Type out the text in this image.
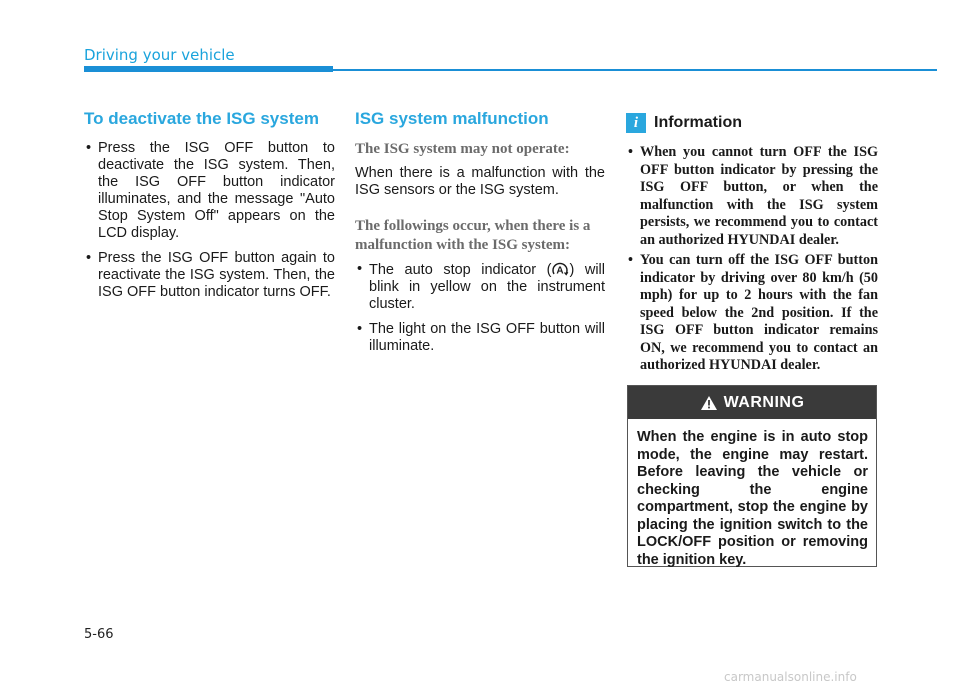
Driving your vehicle
To deactivate the ISG system
• Press the ISG OFF button to deactivate the ISG system. Then, the ISG OFF button indicator illuminates, and the message "Auto Stop System Off" appears on the LCD display.
• Press the ISG OFF button again to reactivate the ISG system. Then, the ISG OFF button indicator turns OFF.
ISG system malfunction
The ISG system may not operate:

When there is a malfunction with the ISG sensors or the ISG system.

The followings occur, when there is a malfunction with the ISG system:
• The auto stop indicator ( A ) will blink in yellow on the instrument cluster.
• The light on the ISG OFF button will illuminate.
i Information
• When you cannot turn OFF the ISG OFF button indicator by pressing the ISG OFF button, or when the malfunction with the ISG system persists, we recommend you to contact an authorized HYUNDAI dealer.
• You can turn off the ISG OFF button indicator by driving over 80 km/h (50 mph) for up to 2 hours with the fan speed below the 2nd position. If the ISG OFF button indicator remains ON, we recommend you to contact an authorized HYUNDAI dealer.
WARNING
When the engine is in auto stop mode, the engine may restart. Before leaving the vehicle or checking the engine compartment, stop the engine by placing the ignition switch to the LOCK/OFF position or removing the ignition key.
5-66
carmanualsonline.info
